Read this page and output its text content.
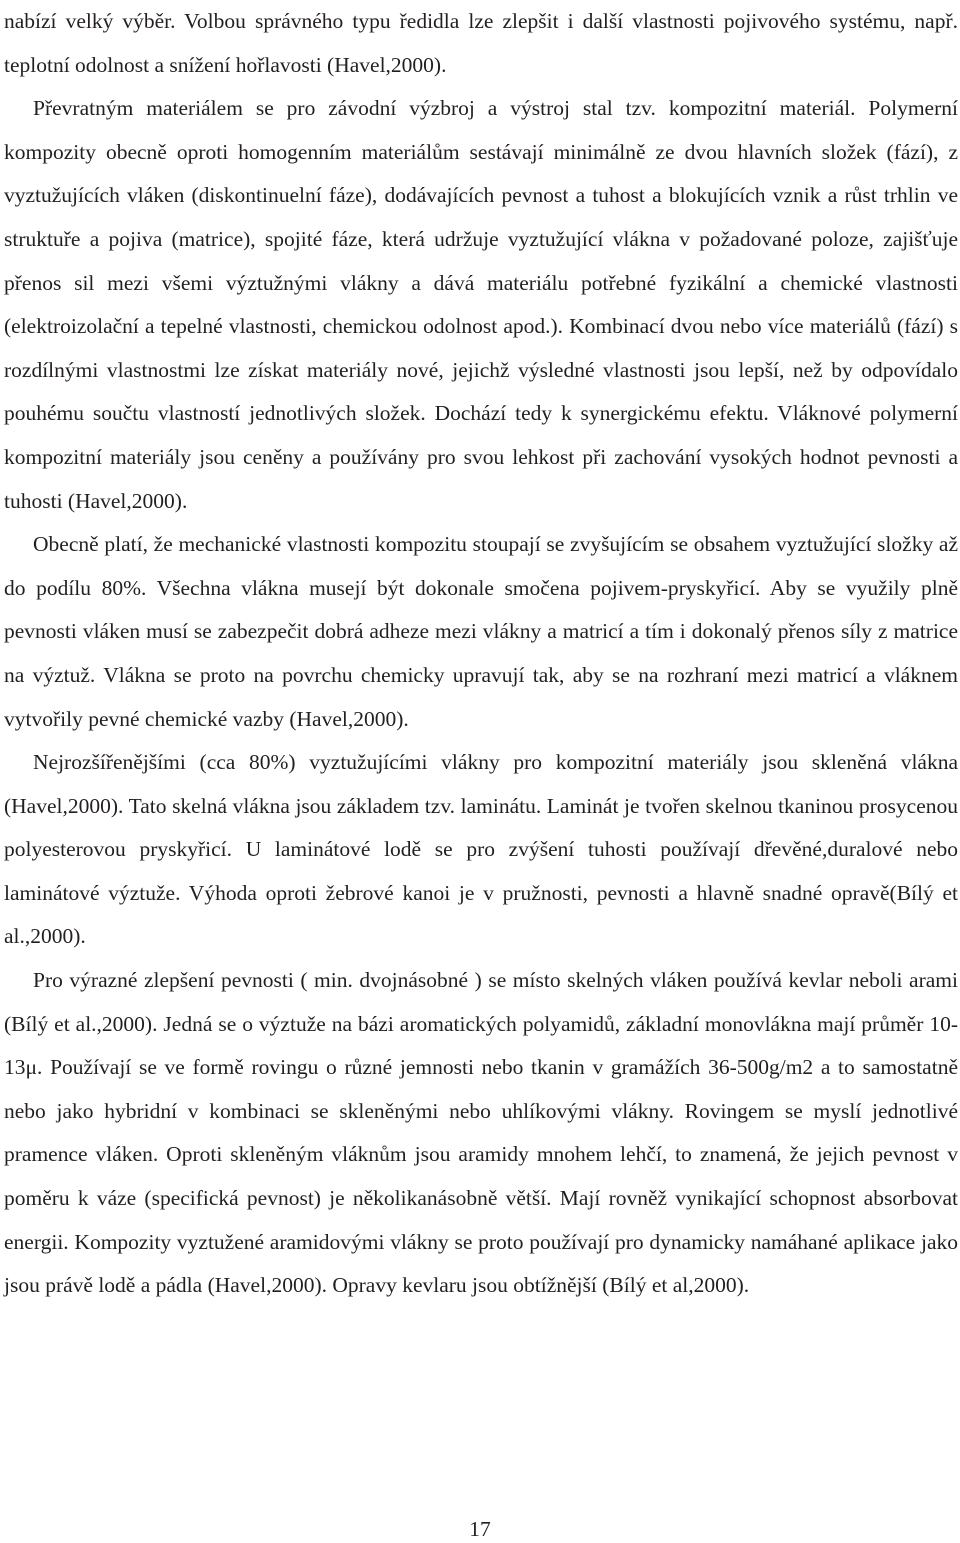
nabízí velký výběr. Volbou správného typu ředidla lze zlepšit i další vlastnosti pojivového systému, např. teplotní odolnost a snížení hořlavosti (Havel,2000).

Převratným materiálem se pro závodní výzbroj a výstroj stal tzv. kompozitní materiál. Polymerní kompozity obecně oproti homogenním materiálům sestávají minimálně ze dvou hlavních složek (fází), z vyztužujících vláken (diskontinuelní fáze), dodávajících pevnost a tuhost a blokujících vznik a růst trhlin ve struktuře a pojiva (matrice), spojité fáze, která udržuje vyztužující vlákna v požadované poloze, zajišťuje přenos sil mezi všemi výztužnými vlákny a dává materiálu potřebné fyzikální a chemické vlastnosti (elektroizolační a tepelné vlastnosti, chemickou odolnost apod.). Kombinací dvou nebo více materiálů (fází) s rozdílnými vlastnostmi lze získat materiály nové, jejichž výsledné vlastnosti jsou lepší, než by odpovídalo pouhému součtu vlastností jednotlivých složek. Dochází tedy k synergickému efektu. Vláknové polymerní kompozitní materiály jsou ceněny a používány pro svou lehkost při zachování vysokých hodnot pevnosti a tuhosti (Havel,2000).

Obecně platí, že mechanické vlastnosti kompozitu stoupají se zvyšujícím se obsahem vyztužující složky až do podílu 80%. Všechna vlákna musejí být dokonale smočena pojivem-pryskyřicí. Aby se využily plně pevnosti vláken musí se zabezpečit dobrá adheze mezi vlákny a matricí a tím i dokonalý přenos síly z matrice na výztuž. Vlákna se proto na povrchu chemicky upravují tak, aby se na rozhraní mezi matricí a vláknem vytvořily pevné chemické vazby (Havel,2000).

Nejrozšířenějšími (cca 80%) vyztužujícími vlákny pro kompozitní materiály jsou skleněná vlákna (Havel,2000). Tato skelná vlákna jsou základem tzv. laminátu. Laminát je tvořen skelnou tkaninou prosycenou polyesterovou pryskyřicí. U laminátové lodě se pro zvýšení tuhosti používají dřevěné,duralové nebo laminátové výztuže. Výhoda oproti žebrové kanoi je v pružnosti, pevnosti a hlavně snadné opravě(Bílý et al.,2000).

Pro výrazné zlepšení pevnosti ( min. dvojnásobné ) se místo skelných vláken používá kevlar neboli arami (Bílý et al.,2000). Jedná se o výztuže na bázi aromatických polyamidů, základní monovlákna mají průměr 10-13μ. Používají se ve formě rovingu o různé jemnosti nebo tkanin v gramážích 36-500g/m2 a to samostatně nebo jako hybridní v kombinaci se skleněnými nebo uhlíkovými vlákny. Rovingem se myslí jednotlivé pramence vláken. Oproti skleněným vláknům jsou aramidy mnohem lehčí, to znamená, že jejich pevnost v poměru k váze (specifická pevnost) je několikanásobně větší. Mají rovněž vynikající schopnost absorbovat energii. Kompozity vyztužené aramidovými vlákny se proto používají pro dynamicky namáhané aplikace jako jsou právě lodě a pádla (Havel,2000). Opravy kevlaru jsou obtížnější (Bílý et al,2000).

17
